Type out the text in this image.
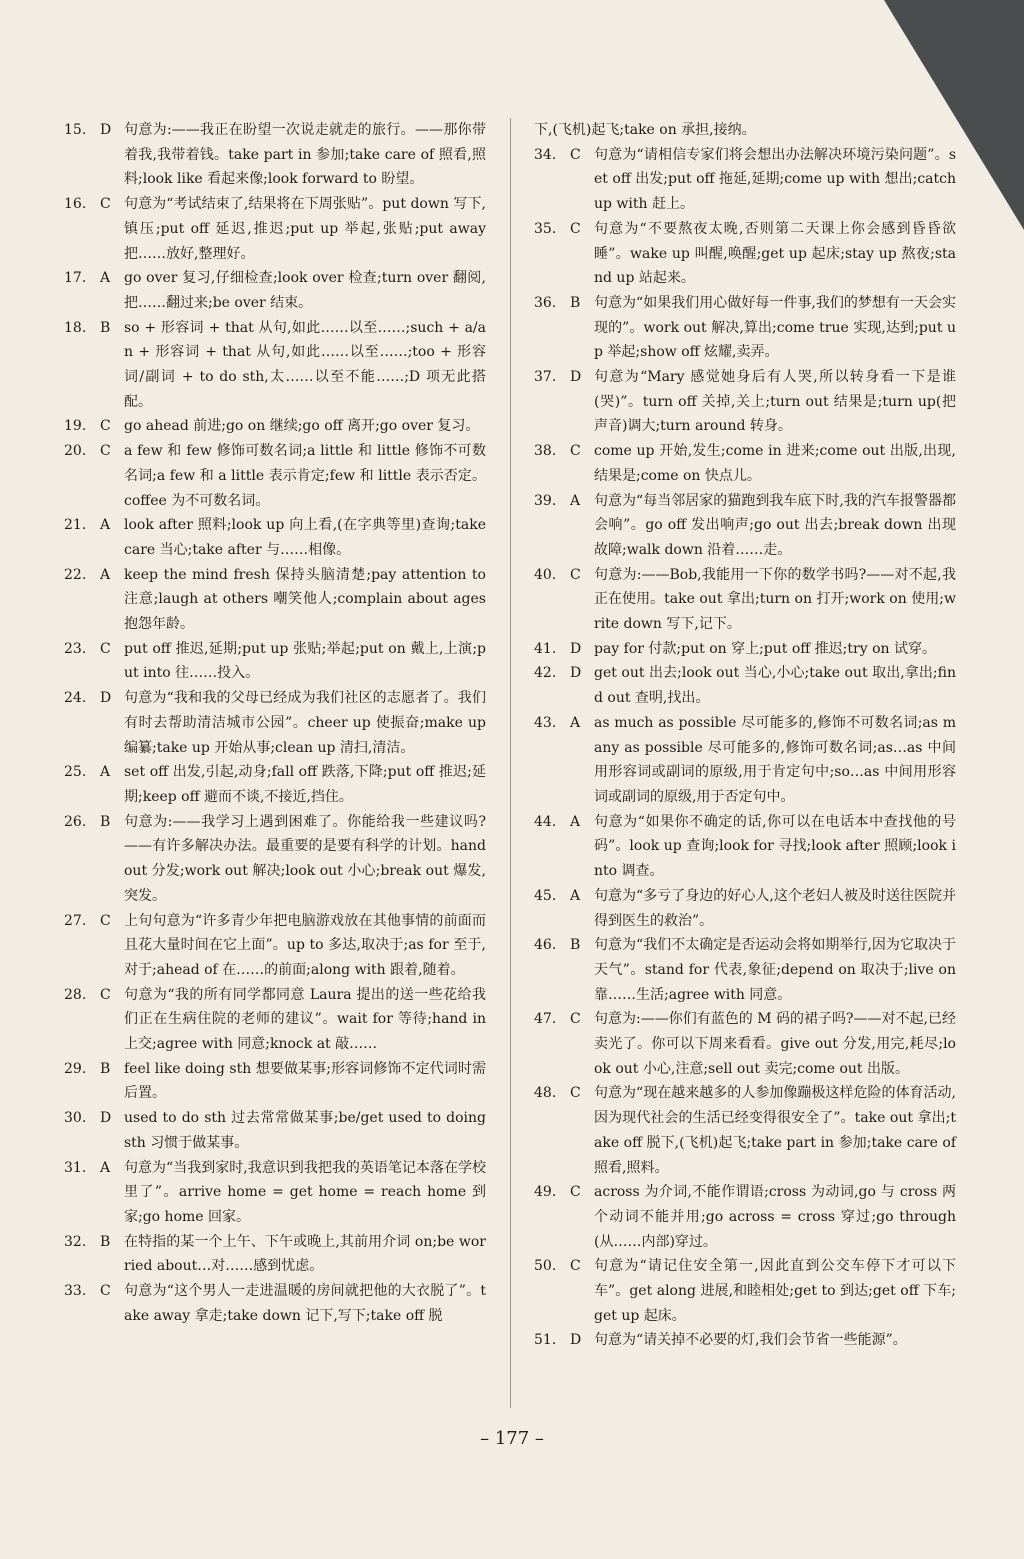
15. D 句意为:——我正在盼望一次说走就走的旅行。——那你带着我,我带着钱。take part in 参加;take care of 照看,照料;look like 看起来像;look forward to 盼望。

16. C 句意为“考试结束了,结果将在下周张贴”。put down 写下,镇压;put off 延迟,推迟;put up 举起,张贴;put away 把……放好,整理好。

17. A go over 复习,仔细检查;look over 检查;turn over 翻阅,把……翻过来;be over 结束。

18. B so + 形容词 + that 从句,如此……以至……;such + a/an + 形容词 + that 从句,如此……以至……;too + 形容词/副词 + to do sth,太……以至不能……;D 项无此搭配。

19. C go ahead 前进;go on 继续;go off 离开;go over 复习。

20. C a few 和 few 修饰可数名词;a little 和 little 修饰不可数名词;a few 和 a little 表示肯定;few 和 little 表示否定。coffee 为不可数名词。

21. A look after 照料;look up 向上看,(在字典等里)查询;take care 当心;take after 与……相像。

22. A keep the mind fresh 保持头脑清楚;pay attention to 注意;laugh at others 嘲笑他人;complain about ages 抱怨年龄。

23. C put off 推迟,延期;put up 张贴;举起;put on 戴上,上演;put into 往……投入。

24. D 句意为“我和我的父母已经成为我们社区的志愿者了。我们有时去帮助清洁城市公园”。cheer up 使振奋;make up 编纂;take up 开始从事;clean up 清扫,清洁。

25. A set off 出发,引起,动身;fall off 跌落,下降;put off 推迟;延期;keep off 避而不谈,不接近,挡住。

26. B 句意为:——我学习上遇到困难了。你能给我一些建议吗?——有许多解决办法。最重要的是要有科学的计划。hand out 分发;work out 解决;look out 小心;break out 爆发,突发。

27. C 上句句意为“许多青少年把电脑游戏放在其他事情的前面而且花大量时间在它上面”。up to 多达,取决于;as for 至于,对于;ahead of 在……的前面;along with 跟着,随着。

28. C 句意为“我的所有同学都同意 Laura 提出的送一些花给我们正在生病住院的老师的建议”。wait for 等待;hand in 上交;agree with 同意;knock at 敲……

29. B feel like doing sth 想要做某事;形容词修饰不定代词时需后置。

30. D used to do sth 过去常常做某事;be/get used to doing sth 习惯于做某事。

31. A 句意为“当我到家时,我意识到我把我的英语笔记本落在学校里了”。arrive home = get home = reach home 到家;go home 回家。

32. B 在特指的某一个上午、下午或晚上,其前用介词 on;be worried about…对……感到忧虑。

33. C 句意为“这个男人一走进温暖的房间就把他的大衣脱了”。take away 拿走;take down 记下,写下;take off 脱

下,(飞机)起飞;take on 承担,接纳。

34. C 句意为“请相信专家们将会想出办法解决环境污染问题”。set off 出发;put off 拖延,延期;come up with 想出;catch up with 赶上。

35. C 句意为“不要熬夜太晚,否则第二天课上你会感到昏昏欲睡”。wake up 叫醒,唤醒;get up 起床;stay up 熬夜;stand up 站起来。

36. B 句意为“如果我们用心做好每一件事,我们的梦想有一天会实现的”。work out 解决,算出;come true 实现,达到;put up 举起;show off 炫耀,卖弄。

37. D 句意为“Mary 感觉她身后有人哭,所以转身看一下是谁(哭)”。turn off 关掉,关上;turn out 结果是;turn up(把声音)调大;turn around 转身。

38. C come up 开始,发生;come in 进来;come out 出版,出现,结果是;come on 快点儿。

39. A 句意为“每当邻居家的猫跑到我车底下时,我的汽车报警器都会响”。go off 发出响声;go out 出去;break down 出现故障;walk down 沿着……走。

40. C 句意为:——Bob,我能用一下你的数学书吗?——对不起,我正在使用。take out 拿出;turn on 打开;work on 使用;write down 写下,记下。

41. D pay for 付款;put on 穿上;put off 推迟;try on 试穿。

42. D get out 出去;look out 当心,小心;take out 取出,拿出;find out 查明,找出。

43. A as much as possible 尽可能多的,修饰不可数名词;as many as possible 尽可能多的,修饰可数名词;as…as 中间用形容词或副词的原级,用于肯定句中;so…as 中间用形容词或副词的原级,用于否定句中。

44. A 句意为“如果你不确定的话,你可以在电话本中查找他的号码”。look up 查询;look for 寻找;look after 照顾;look into 调查。

45. A 句意为“多亏了身边的好心人,这个老妇人被及时送往医院并得到医生的救治”。

46. B 句意为“我们不太确定是否运动会将如期举行,因为它取决于天气”。stand for 代表,象征;depend on 取决于;live on 靠……生活;agree with 同意。

47. C 句意为:——你们有蓝色的 M 码的裙子吗?——对不起,已经卖光了。你可以下周来看看。give out 分发,用完,耗尽;look out 小心,注意;sell out 卖完;come out 出版。

48. C 句意为“现在越来越多的人参加像蹦极这样危险的体育活动,因为现代社会的生活已经变得很安全了”。take out 拿出;take off 脱下,(飞机)起飞;take part in 参加;take care of 照看,照料。

49. C across 为介词,不能作谓语;cross 为动词,go 与 cross 两个动词不能并用;go across = cross 穿过;go through(从……内部)穿过。

50. C 句意为“请记住安全第一,因此直到公交车停下才可以下车”。get along 进展,和睦相处;get to 到达;get off 下车;get up 起床。

51. D 句意为“请关掉不必要的灯,我们会节省一些能源”。

– 177 –
